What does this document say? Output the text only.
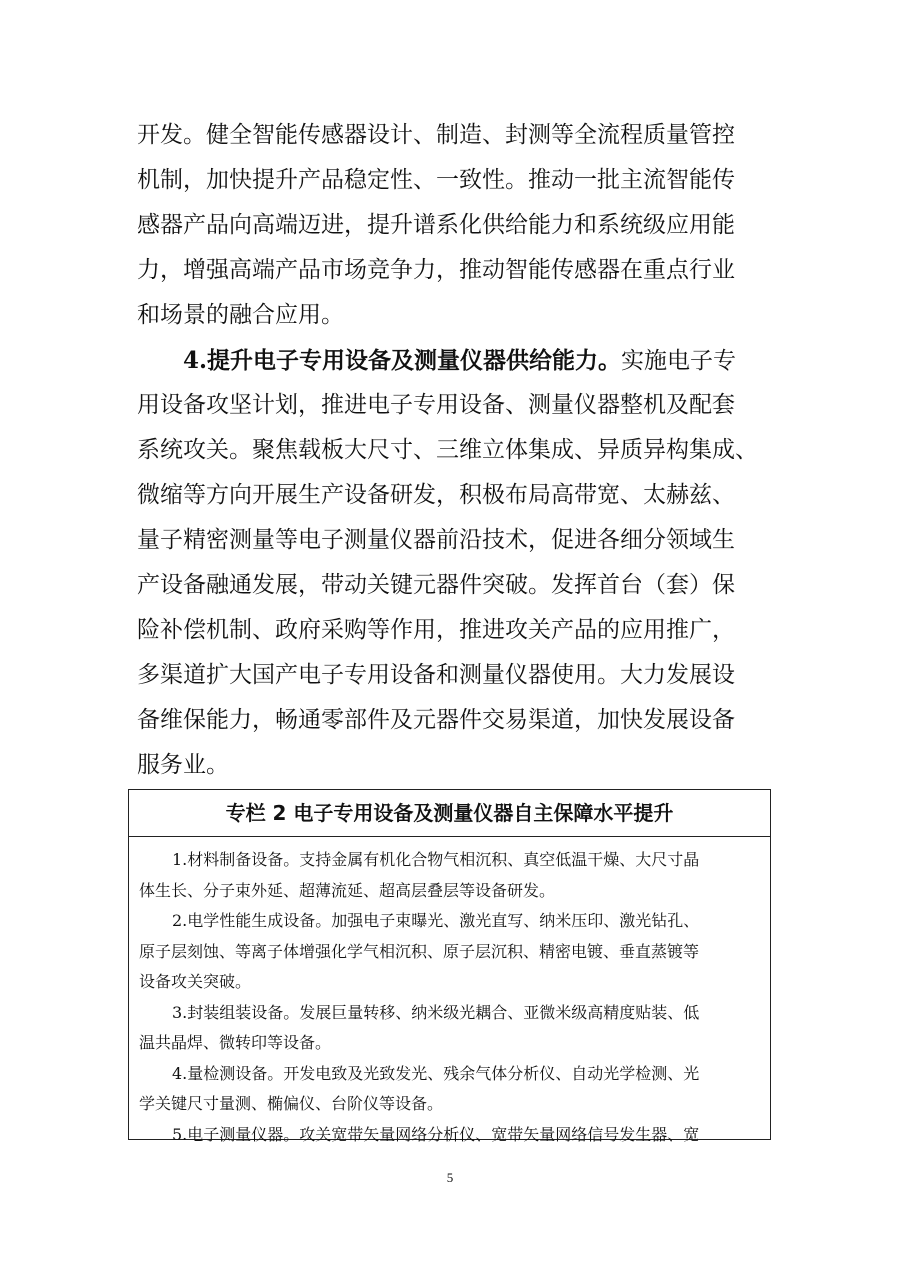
开发。健全智能传感器设计、制造、封测等全流程质量管控
机制，加快提升产品稳定性、一致性。推动一批主流智能传
感器产品向高端迈进，提升谱系化供给能力和系统级应用能
力，增强高端产品市场竞争力，推动智能传感器在重点行业
和场景的融合应用。
4.提升电子专用设备及测量仪器供给能力。实施电子专
用设备攻坚计划，推进电子专用设备、测量仪器整机及配套
系统攻关。聚焦载板大尺寸、三维立体集成、异质异构集成、
微缩等方向开展生产设备研发，积极布局高带宽、太赫兹、
量子精密测量等电子测量仪器前沿技术，促进各细分领域生
产设备融通发展，带动关键元器件突破。发挥首台（套）保
险补偿机制、政府采购等作用，推进攻关产品的应用推广，
多渠道扩大国产电子专用设备和测量仪器使用。大力发展设
备维保能力，畅通零部件及元器件交易渠道，加快发展设备
服务业。
专栏 2 电子专用设备及测量仪器自主保障水平提升
1.材料制备设备。支持金属有机化合物气相沉积、真空低温干燥、大尺寸晶
体生长、分子束外延、超薄流延、超高层叠层等设备研发。
2.电学性能生成设备。加强电子束曝光、激光直写、纳米压印、激光钻孔、
原子层刻蚀、等离子体增强化学气相沉积、原子层沉积、精密电镀、垂直蒸镀等
设备攻关突破。
3.封装组装设备。发展巨量转移、纳米级光耦合、亚微米级高精度贴装、低
温共晶焊、微转印等设备。
4.量检测设备。开发电致及光致发光、残余气体分析仪、自动光学检测、光
学关键尺寸量测、椭偏仪、台阶仪等设备。
5.电子测量仪器。攻关宽带矢量网络分析仪、宽带矢量网络信号发生器、宽
5
